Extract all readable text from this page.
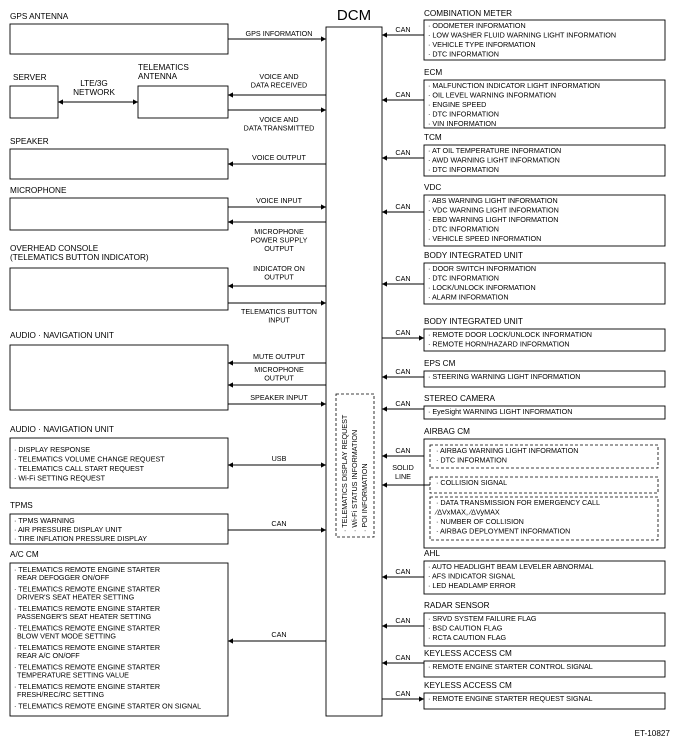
DCM
· TELEMATICS DISPLAY REQUEST · Wi-Fi STATUS INFORMATION · POI INFORMATION
GPS ANTENNA
GPS INFORMATION
SERVER
LTE/3G
NETWORK
TELEMATICS
ANTENNA	VOICE AND
DATA RECEIVED
VOICE AND
DATA TRANSMITTED
SPEAKER
VOICE OUTPUT
MICROPHONE
VOICE INPUT
MICROPHONE
POWER SUPPLY
OUTPUT
OVERHEAD CONSOLE
(TELEMATICS BUTTON INDICATOR)
INDICATOR ON
OUTPUT
TELEMATICS BUTTON
INPUT
AUDIO · NAVIGATION UNIT
MUTE OUTPUT
MICROPHONE
OUTPUT
SPEAKER INPUT
AUDIO · NAVIGATION UNIT
· DISPLAY RESPONSE
· TELEMATICS VOLUME CHANGE REQUEST
· TELEMATICS CALL START REQUEST
· Wi-Fi SETTING REQUEST
USB
TPMS
· TPMS WARNING
· AIR PRESSURE DISPLAY UNIT
· TIRE INFLATION PRESSURE DISPLAY
CAN
A/C CM
· TELEMATICS REMOTE ENGINE STARTER
REAR DEFOGGER ON/OFF
· TELEMATICS REMOTE ENGINE STARTER
DRIVER'S SEAT HEATER SETTING
· TELEMATICS REMOTE ENGINE STARTER
PASSENGER'S SEAT HEATER SETTING
· TELEMATICS REMOTE ENGINE STARTER
BLOW VENT MODE SETTING
· TELEMATICS REMOTE ENGINE STARTER
REAR A/C ON/OFF
· TELEMATICS REMOTE ENGINE STARTER
TEMPERATURE SETTING VALUE
· TELEMATICS REMOTE ENGINE STARTER
FRESH/REC/RC SETTING
· TELEMATICS REMOTE ENGINE STARTER ON SIGNAL
CAN
COMBINATION METER
CAN · ODOMETER INFORMATION
· LOW WASHER FLUID WARNING LIGHT INFORMATION
· VEHICLE TYPE INFORMATION
· DTC INFORMATION
ECM
CAN
· MALFUNCTION INDICATOR LIGHT INFORMATION
· OIL LEVEL WARNING INFORMATION
· ENGINE SPEED
· DTC INFORMATION
· VIN INFORMATION
TCM
CAN · AT OIL TEMPERATURE INFORMATION
· AWD WARNING LIGHT INFORMATION
· DTC INFORMATION
VDC
CAN
· ABS WARNING LIGHT INFORMATION
· VDC WARNING LIGHT INFORMATION
· EBD WARNING LIGHT INFORMATION
· DTC INFORMATION
· VEHICLE SPEED INFORMATION
BODY INTEGRATED UNIT
CAN
· DOOR SWITCH INFORMATION
· DTC INFORMATION
· LOCK/UNLOCK INFORMATION
· ALARM INFORMATION
BODY INTEGRATED UNIT
CAN · REMOTE DOOR LOCK/UNLOCK INFORMATION
· REMOTE HORN/HAZARD INFORMATION
EPS CM
CAN
· STEERING WARNING LIGHT INFORMATION
STEREO CAMERA
CAN
· EyeSight WARNING LIGHT INFORMATION
AIRBAG CM
CAN
AHL
CAN
· AUTO HEADLIGHT BEAM LEVELER ABNORMAL
· AFS INDICATOR SIGNAL
· LED HEADLAMP ERROR
RADAR SENSOR
CAN · SRVD SYSTEM FAILURE FLAG
· BSD CAUTION FLAG
· RCTA CAUTION FLAG
KEYLESS ACCESS CM
CAN
· REMOTE ENGINE STARTER CONTROL SIGNAL
KEYLESS ACCESS CM
CAN
· REMOTE ENGINE STARTER REQUEST SIGNAL
· AIRBAG WARNING LIGHT INFORMATION
· DTC INFORMATION
· COLLISION SIGNAL
· DATA TRANSMISSION FOR EMERGENCY CALL
⁄ΔVxMAX, ⁄ΔVyMAX
· NUMBER OF COLLISION
· AIRBAG DEPLOYMENT INFORMATION
SOLID
LINE
ET-10827
